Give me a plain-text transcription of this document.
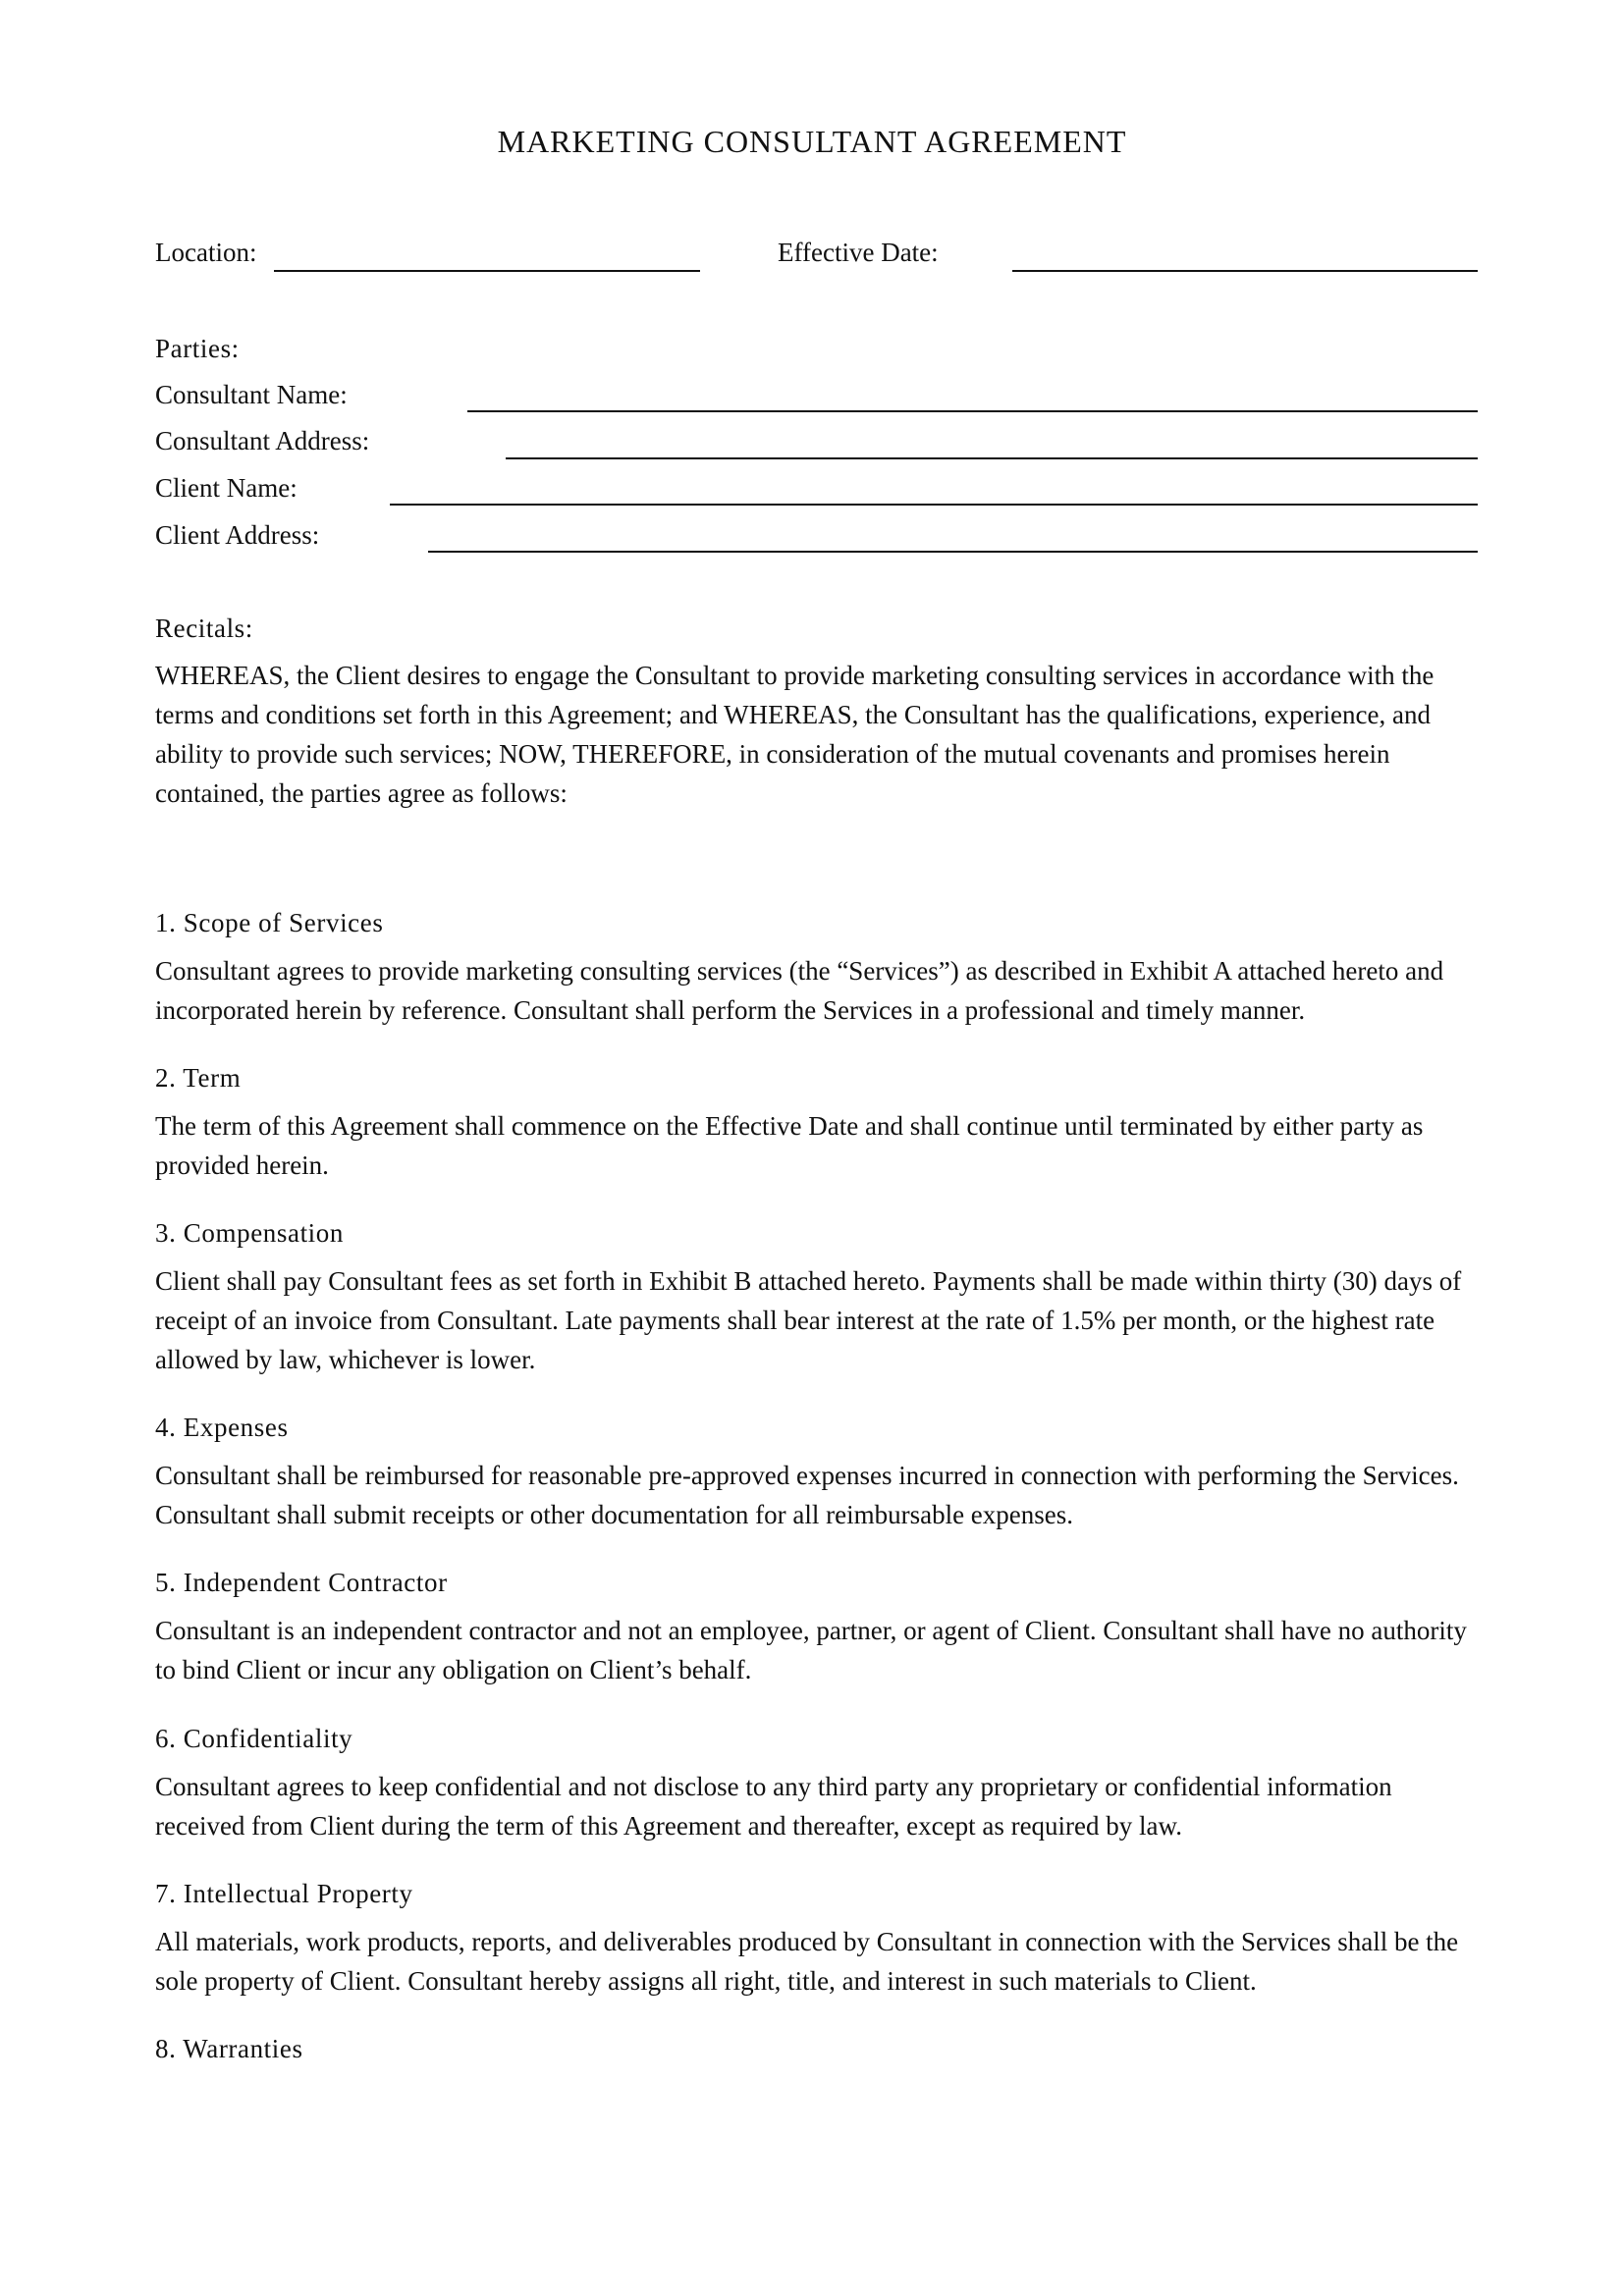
MARKETING CONSULTANT AGREEMENT
Location:	Effective Date:
Parties:
Consultant Name:
Consultant Address:
Client Name:
Client Address:
Recitals:

WHEREAS, the Client desires to engage the Consultant to provide marketing consulting services in accordance with the terms and conditions set forth in this Agreement; and WHEREAS, the Consultant has the qualifications, experience, and ability to provide such services; NOW, THEREFORE, in consideration of the mutual covenants and promises herein contained, the parties agree as follows:

1. Scope of Services

Consultant agrees to provide marketing consulting services (the “Services”) as described in Exhibit A attached hereto and incorporated herein by reference. Consultant shall perform the Services in a professional and timely manner.

2. Term

The term of this Agreement shall commence on the Effective Date and shall continue until terminated by either party as provided herein.

3. Compensation

Client shall pay Consultant fees as set forth in Exhibit B attached hereto. Payments shall be made within thirty (30) days of receipt of an invoice from Consultant. Late payments shall bear interest at the rate of 1.5% per month, or the highest rate allowed by law, whichever is lower.

4. Expenses

Consultant shall be reimbursed for reasonable pre-approved expenses incurred in connection with performing the Services. Consultant shall submit receipts or other documentation for all reimbursable expenses.

5. Independent Contractor

Consultant is an independent contractor and not an employee, partner, or agent of Client. Consultant shall have no authority to bind Client or incur any obligation on Client’s behalf.

6. Confidentiality

Consultant agrees to keep confidential and not disclose to any third party any proprietary or confidential information received from Client during the term of this Agreement and thereafter, except as required by law.

7. Intellectual Property

All materials, work products, reports, and deliverables produced by Consultant in connection with the Services shall be the sole property of Client. Consultant hereby assigns all right, title, and interest in such materials to Client.

8. Warranties
